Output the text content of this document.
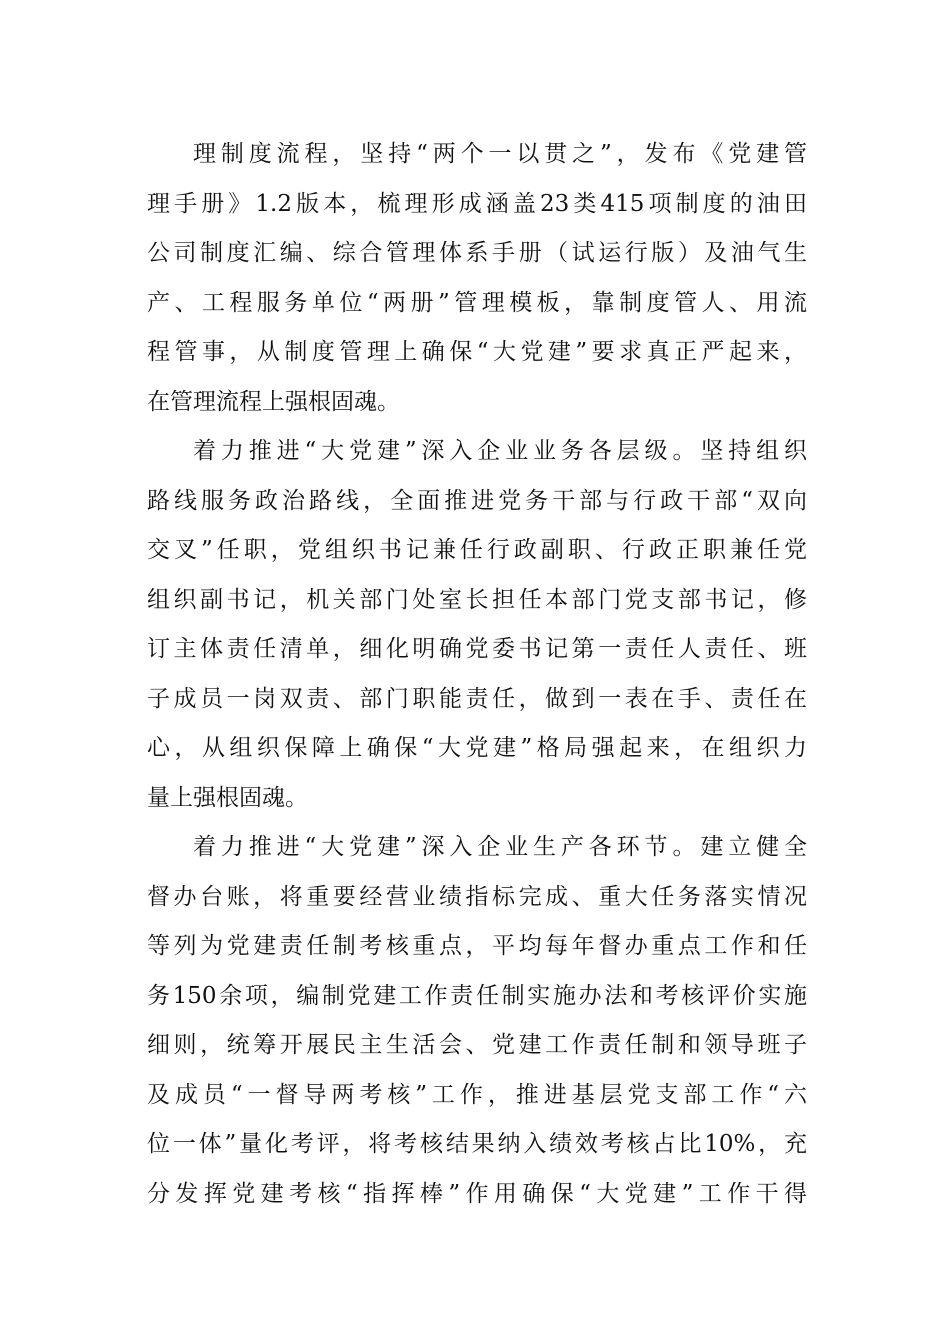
理制度流程，坚持“两个一以贯之”，发布《党建管
理手册》1.2版本，梳理形成涵盖23类415项制度的油田
公司制度汇编、综合管理体系手册（试运行版）及油气生
产、工程服务单位“两册”管理模板，靠制度管人、用流
程管事，从制度管理上确保“大党建”要求真正严起来，
在管理流程上强根固魂。
着力推进“大党建”深入企业业务各层级。坚持组织
路线服务政治路线，全面推进党务干部与行政干部“双向
交叉”任职，党组织书记兼任行政副职、行政正职兼任党
组织副书记，机关部门处室长担任本部门党支部书记，修
订主体责任清单，细化明确党委书记第一责任人责任、班
子成员一岗双责、部门职能责任，做到一表在手、责任在
心，从组织保障上确保“大党建”格局强起来，在组织力
量上强根固魂。
着力推进“大党建”深入企业生产各环节。建立健全
督办台账，将重要经营业绩指标完成、重大任务落实情况
等列为党建责任制考核重点，平均每年督办重点工作和任
务150余项，编制党建工作责任制实施办法和考核评价实施
细则，统筹开展民主生活会、党建工作责任制和领导班子
及成员“一督导两考核”工作，推进基层党支部工作“六
位一体”量化考评，将考核结果纳入绩效考核占比10%，充
分发挥党建考核“指挥棒”作用确保“大党建”工作干得
